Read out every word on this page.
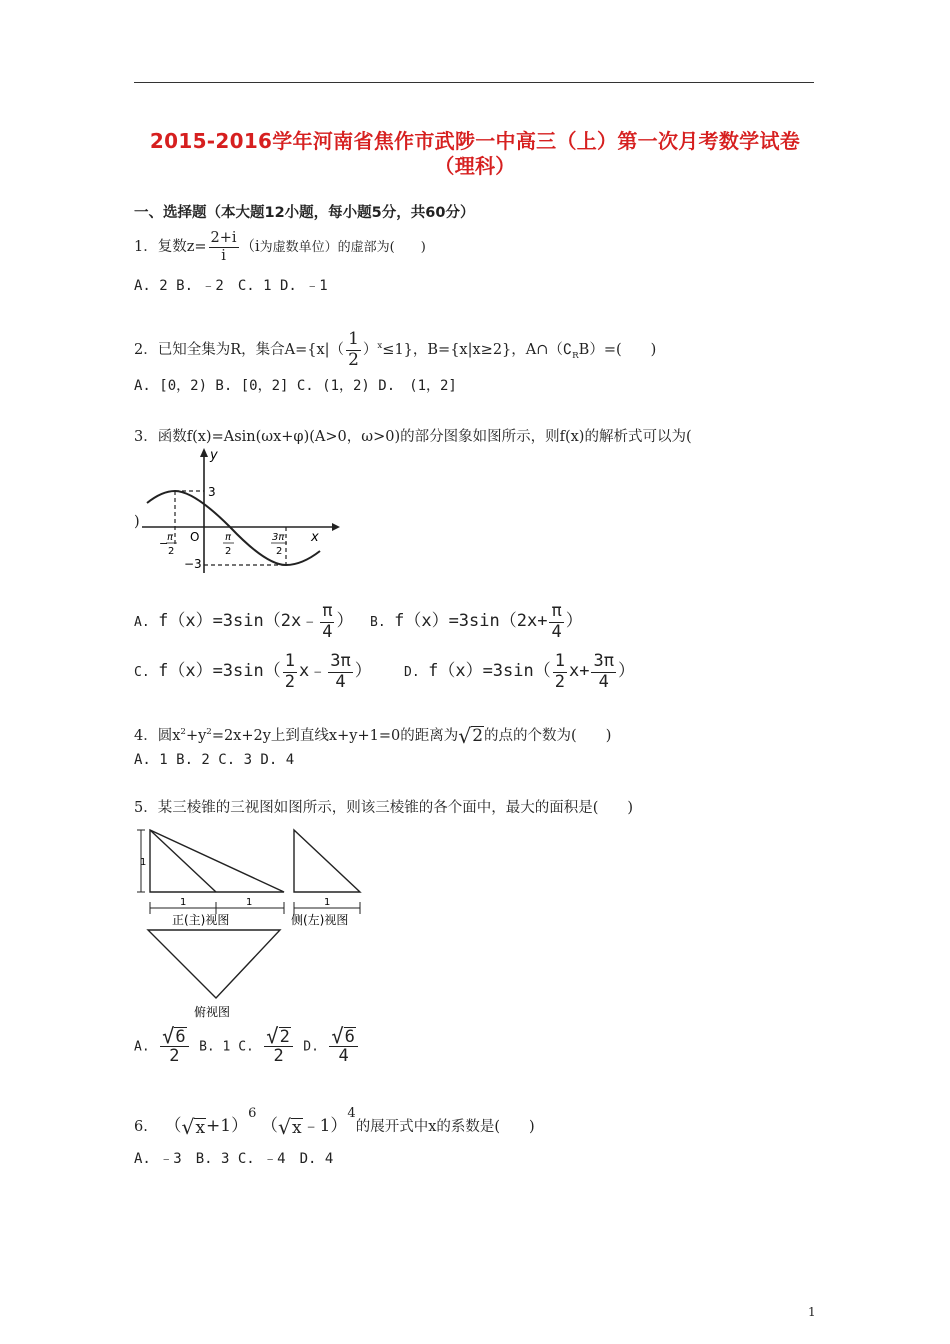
2015-2016学年河南省焦作市武陟一中高三（上）第一次月考数学试卷
（理科）
一、选择题（本大题12小题，每小题5分，共60分）
1．复数$z= \frac{2+i}{i} (i$为虚数单位）的虚部为(　　)
A. 2 B. ﹣2　C. 1 D. ﹣1
2．已知全集为R，集合$A=\{x|( \frac{1}{2} )^x\le 1\}$，B={x|x≥2}，$A\cap(∁_RB)=$(　　)
A. [0，2) B. [0，2] C. (1，2) D.　(1，2]
3．函数f(x)=Asin(ωx+φ)(A>0，ω>0)的部分图象如图所示，则f(x)的解析式可以为(
y
x
3
−3
O
−
π
2
π
2
3π
2
)
A. f（x）=3sin（2x﹣ $\frac{\pi}{4}$ ） B. $f(x)=3\sin(2x+ \frac{\pi}{4}$ ）
C. $f(x)=3\sin( \frac{1}{2}$ x﹣ $\frac{3\pi}{4}$ ） D. $f(x)=3\sin( \frac{1}{2} x+ \frac{3\pi}{4}$ ）
4．圆$x^2+y^2=2x+2y$上到直线x+y+1=0的距离为 √ 2 的点的个数为(　　)
A. 1 B. 2 C. 3 D. 4
5．某三棱锥的三视图如图所示，则该三棱锥的各个面中，最大的面积是(　　)
1
1	1
正(主)视图
1
侧(左)视图
俯视图
A. $\frac{√ 6}{2} B$. 1 C. $\frac{√ 2}{2} D$. $\frac{√ 6}{4}$
6. （ √ x +1）$^6$ （ √ x ﹣1）$^4$的展开式中x的系数是(　　)
A. ﹣3　B. 3 C. ﹣4　D. 4
1
